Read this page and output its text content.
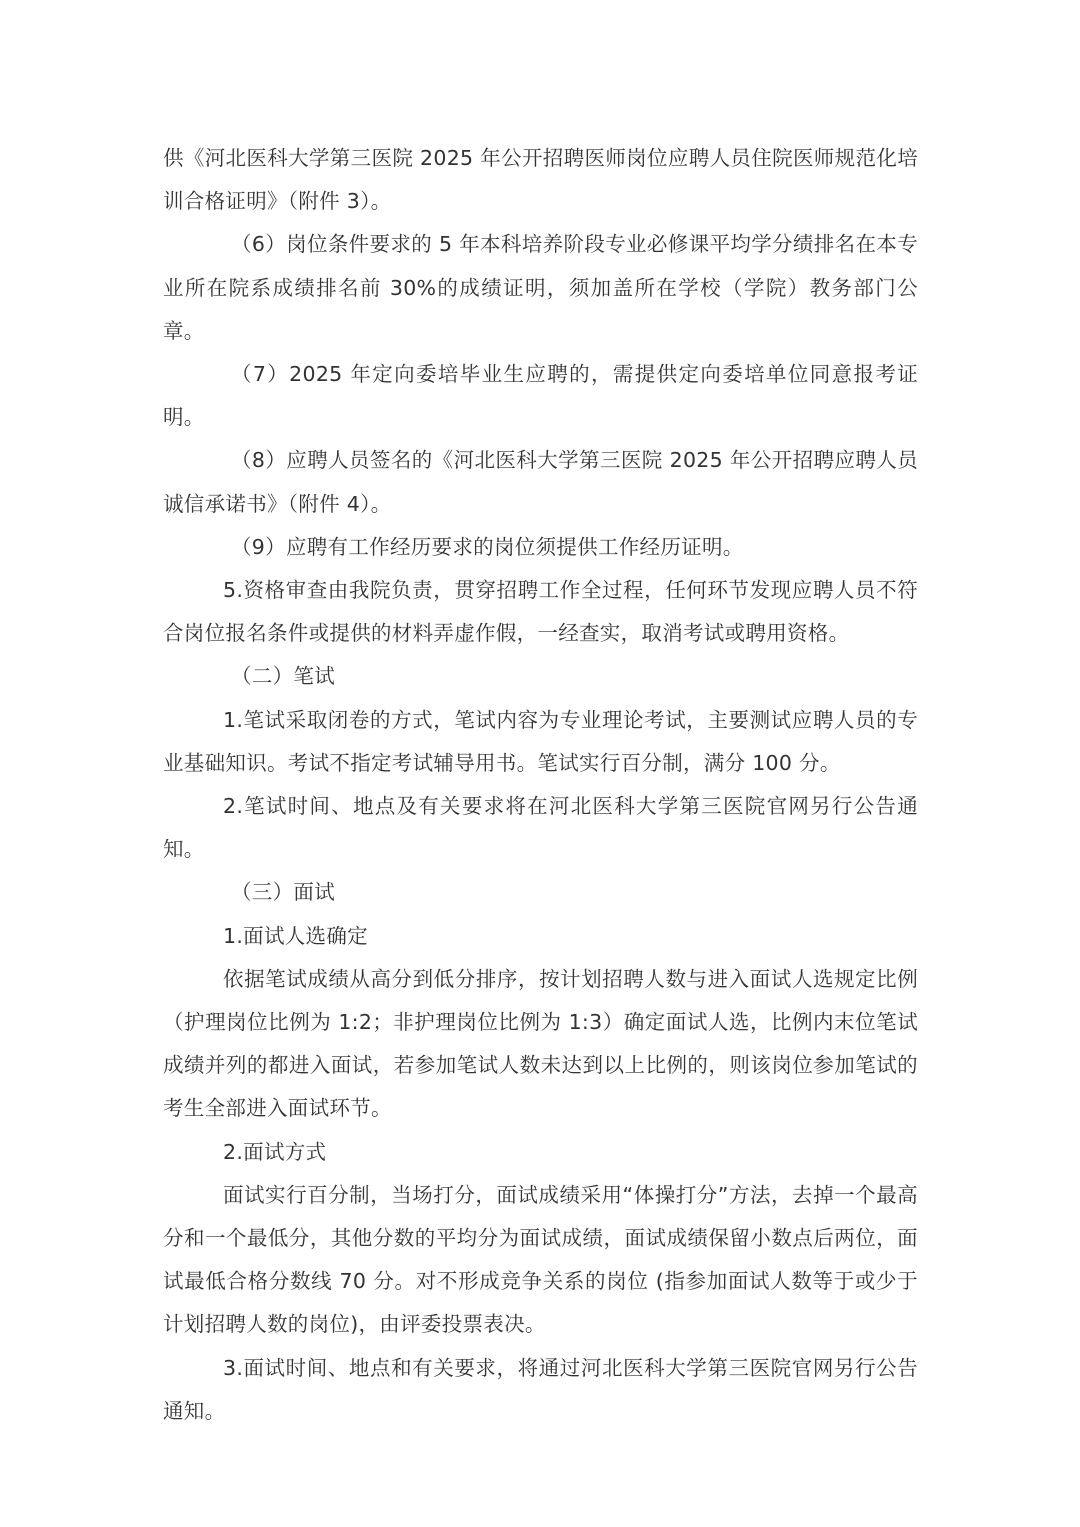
供《河北医科大学第三医院 2025 年公开招聘医师岗位应聘人员住院医师规范化培训合格证明》（附件 3）。

（6）岗位条件要求的 5 年本科培养阶段专业必修课平均学分绩排名在本专业所在院系成绩排名前 30%的成绩证明，须加盖所在学校（学院）教务部门公章。

（7）2025 年定向委培毕业生应聘的，需提供定向委培单位同意报考证明。

（8）应聘人员签名的《河北医科大学第三医院 2025 年公开招聘应聘人员诚信承诺书》（附件 4）。

（9）应聘有工作经历要求的岗位须提供工作经历证明。

5.资格审查由我院负责，贯穿招聘工作全过程，任何环节发现应聘人员不符合岗位报名条件或提供的材料弄虚作假，一经查实，取消考试或聘用资格。

（二）笔试

1.笔试采取闭卷的方式，笔试内容为专业理论考试，主要测试应聘人员的专业基础知识。考试不指定考试辅导用书。笔试实行百分制，满分 100 分。

2.笔试时间、地点及有关要求将在河北医科大学第三医院官网另行公告通知。

（三）面试

1.面试人选确定

依据笔试成绩从高分到低分排序，按计划招聘人数与进入面试人选规定比例（护理岗位比例为 1:2；非护理岗位比例为 1:3）确定面试人选，比例内末位笔试成绩并列的都进入面试，若参加笔试人数未达到以上比例的，则该岗位参加笔试的考生全部进入面试环节。

2.面试方式

面试实行百分制，当场打分，面试成绩采用“体操打分”方法，去掉一个最高分和一个最低分，其他分数的平均分为面试成绩，面试成绩保留小数点后两位，面试最低合格分数线 70 分。对不形成竞争关系的岗位 (指参加面试人数等于或少于计划招聘人数的岗位)，由评委投票表决。

3.面试时间、地点和有关要求，将通过河北医科大学第三医院官网另行公告通知。
